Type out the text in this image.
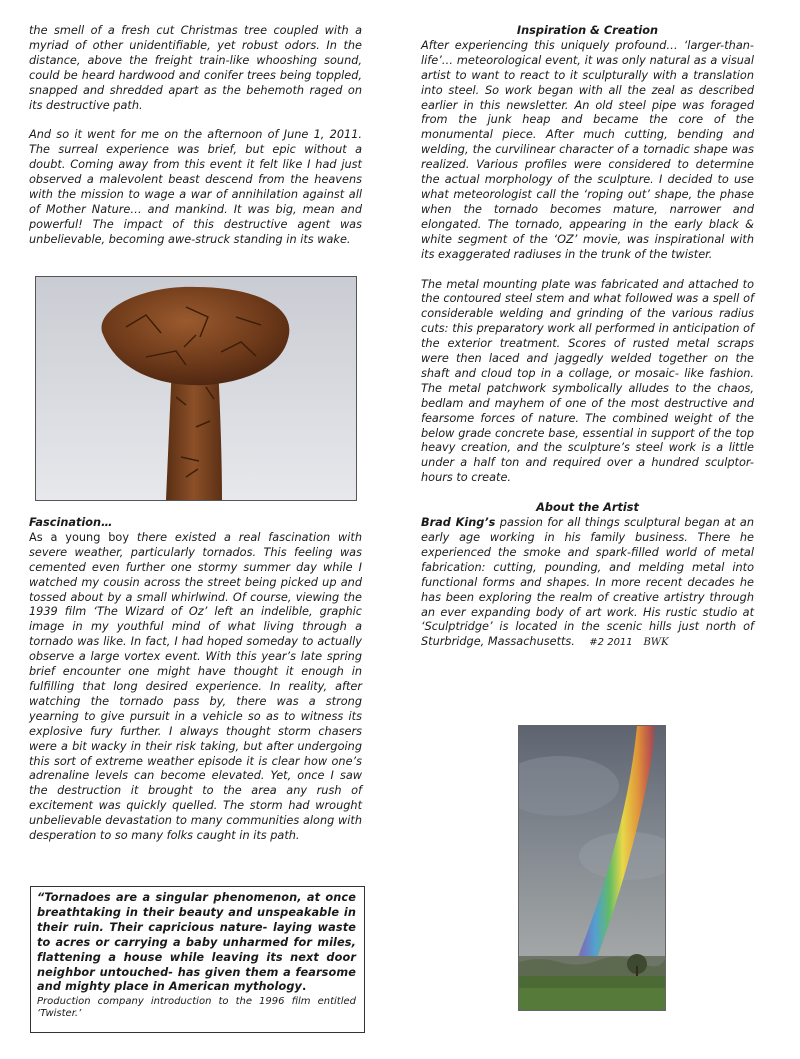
the smell of a fresh cut Christmas tree coupled with a myriad of other unidentifiable, yet robust odors. In the distance, above the freight train-like whooshing sound, could be heard hardwood and conifer trees being toppled, snapped and shredded apart as the behemoth raged on its destructive path.

And so it went for me on the afternoon of June 1, 2011. The surreal experience was brief, but epic without a doubt. Coming away from this event it felt like I had just observed a malevolent beast descend from the heavens with the mission to wage a war of annihilation against all of Mother Nature… and mankind. It was big, mean and powerful! The impact of this destructive agent was unbelievable, becoming awe-struck standing in its wake.

Fascination…

As a young boy there existed a real fascination with severe weather, particularly tornados. This feeling was cemented even further one stormy summer day while I watched my cousin across the street being picked up and tossed about by a small whirlwind. Of course, viewing the 1939 film ‘The Wizard of Oz’ left an indelible, graphic image in my youthful mind of what living through a tornado was like. In fact, I had hoped someday to actually observe a large vortex event. With this year’s late spring brief encounter one might have thought it enough in fulfilling that long desired experience. In reality, after watching the tornado pass by, there was a strong yearning to give pursuit in a vehicle so as to witness its explosive fury further. I always thought storm chasers were a bit wacky in their risk taking, but after undergoing this sort of extreme weather episode it is clear how one’s adrenaline levels can become elevated. Yet, once I saw the destruction it brought to the area any rush of excitement was quickly quelled. The storm had wrought unbelievable devastation to many communities along with desperation to so many folks caught in its path.

“Tornadoes are a singular phenomenon, at once breathtaking in their beauty and unspeakable in their ruin. Their capricious nature- laying waste to acres or carrying a baby unharmed for miles, flattening a house while leaving its next door neighbor untouched- has given them a fearsome and mighty place in American mythology.

Production company introduction to the 1996 film entitled ‘Twister.’

Inspiration & Creation

After experiencing this uniquely profound… ‘larger-than-life’… meteorological event, it was only natural as a visual artist to want to react to it sculpturally with a translation into steel. So work began with all the zeal as described earlier in this newsletter. An old steel pipe was foraged from the junk heap and became the core of the monumental piece. After much cutting, bending and welding, the curvilinear character of a tornadic shape was realized. Various profiles were considered to determine the actual morphology of the sculpture. I decided to use what meteorologist call the ‘roping out’ shape, the phase when the tornado becomes mature, narrower and elongated. The tornado, appearing in the early black & white segment of the ‘OZ’ movie, was inspirational with its exaggerated radiuses in the trunk of the twister.

The metal mounting plate was fabricated and attached to the contoured steel stem and what followed was a spell of considerable welding and grinding of the various radius cuts: this preparatory work all performed in anticipation of the exterior treatment. Scores of rusted metal scraps were then laced and jaggedly welded together on the shaft and cloud top in a collage, or mosaic- like fashion. The metal patchwork symbolically alludes to the chaos, bedlam and mayhem of one of the most destructive and fearsome forces of nature. The combined weight of the below grade concrete base, essential in support of the top heavy creation, and the sculpture’s steel work is a little under a half ton and required over a hundred sculptor-hours to create.

About the Artist

Brad King’s passion for all things sculptural began at an early age working in his family business. There he experienced the smoke and spark-filled world of metal fabrication: cutting, pounding, and melding metal into functional forms and shapes. In more recent decades he has been exploring the realm of creative artistry through an ever expanding body of art work. His rustic studio at ‘Sculptridge’ is located in the scenic hills just north of Sturbridge, Massachusetts. #2 2011 BWK
